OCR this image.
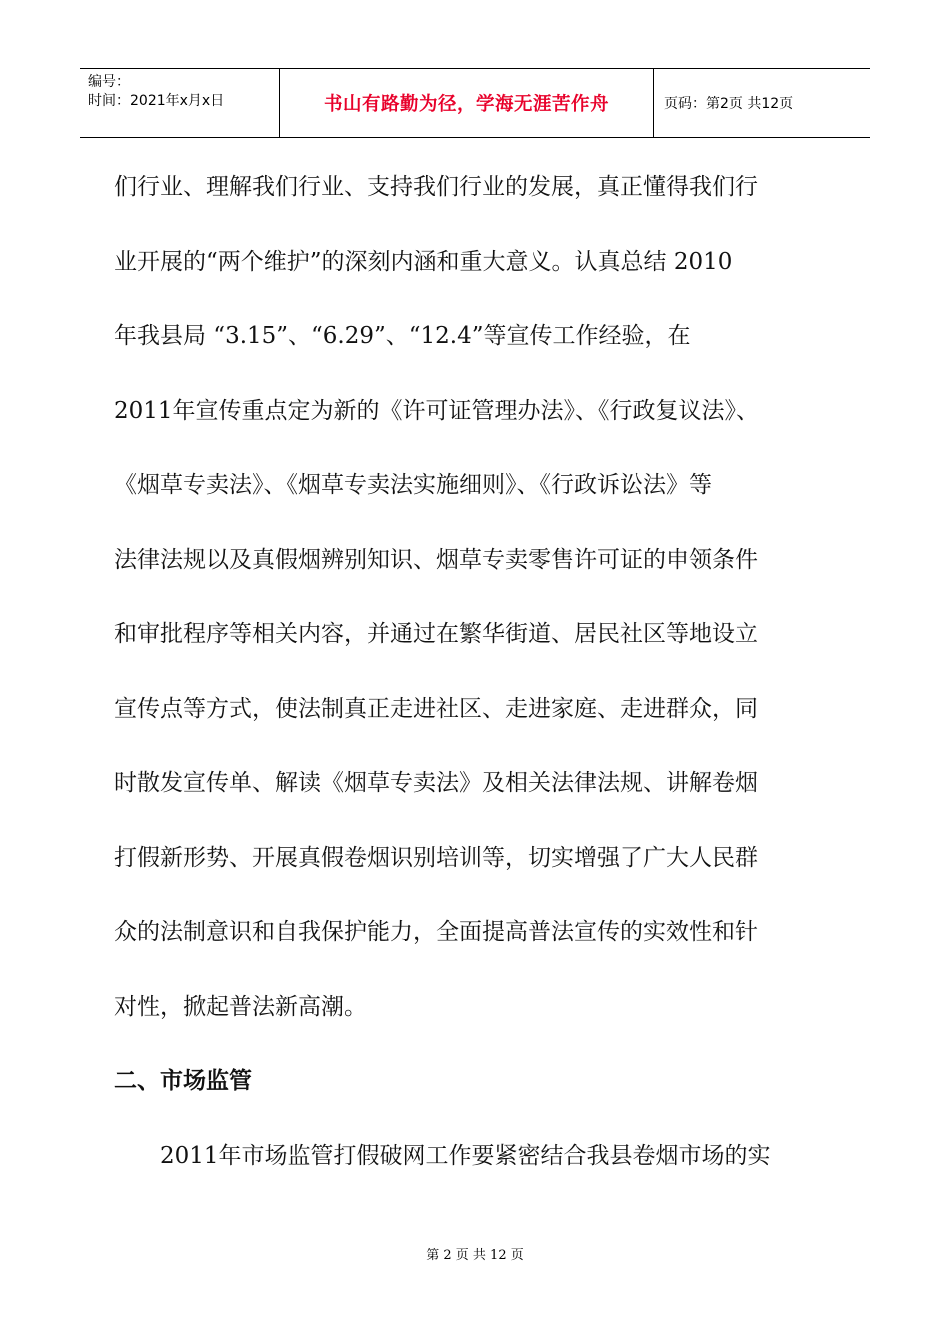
编号：
时间：2021年x月x日	书山有路勤为径，学海无涯苦作舟	页码：第2页 共12页

们行业、理解我们行业、支持我们行业的发展，真正懂得我们行

业开展的“两个维护”的深刻内涵和重大意义。认真总结 2010

年我县局 “3.15”、“6.29”、“12.4”等宣传工作经验，在

2011年宣传重点定为新的《许可证管理办法》、《行政复议法》、

《烟草专卖法》、《烟草专卖法实施细则》、《行政诉讼法》等

法律法规以及真假烟辨别知识、烟草专卖零售许可证的申领条件

和审批程序等相关内容，并通过在繁华街道、居民社区等地设立

宣传点等方式，使法制真正走进社区、走进家庭、走进群众，同

时散发宣传单、解读《烟草专卖法》及相关法律法规、讲解卷烟

打假新形势、开展真假卷烟识别培训等，切实增强了广大人民群

众的法制意识和自我保护能力，全面提高普法宣传的实效性和针

对性，掀起普法新高潮。

二、市场监管

2011年市场监管打假破网工作要紧密结合我县卷烟市场的实

第 2 页 共 12 页
